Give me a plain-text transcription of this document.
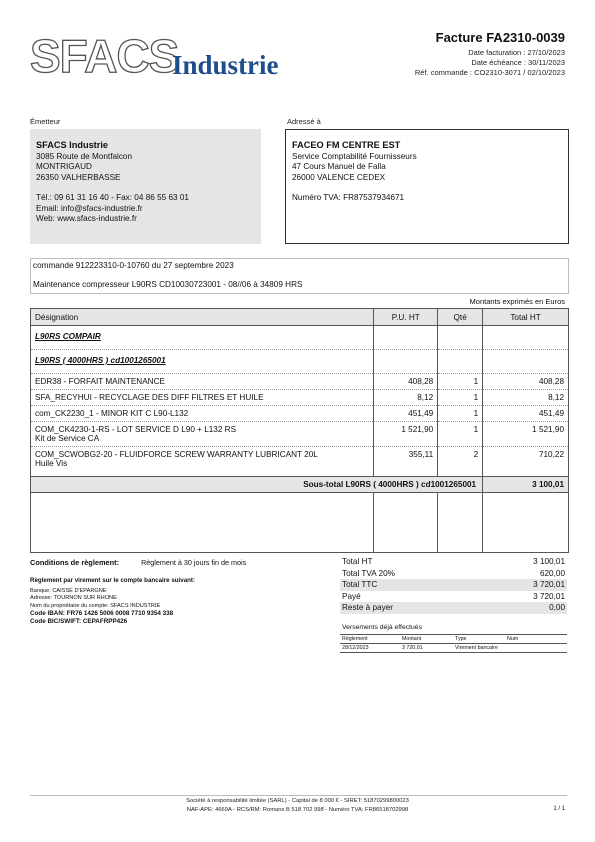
SFACS
Industrie
Facture FA2310-0039
Date facturation : 27/10/2023
Date échéance : 30/11/2023
Réf. commande : CO2310-3071 / 02/10/2023
Émetteur	Adressé à
SFACS Industrie
3085 Route de Montfalcon
MONTRIGAUD
26350 VALHERBASSE
Tél.: 09 61 31 16 40 - Fax: 04 86 55 63 01
Email: info@sfacs-industrie.fr
Web: www.sfacs-industrie.fr
FACEO FM CENTRE EST
Service Comptabilité Fournisseurs
47 Cours Manuel de Falla
26000 VALENCE CEDEX
Numéro TVA: FR87537934671
commande 912223310-0-10760 du 27 septembre 2023
Maintenance compresseur L90RS CD10030723001 - 08//06 à 34809 HRS
Montants exprimés en Euros
Désignation	P.U. HT	Qté	Total HT
L90RS COMPAIR			
L90RS ( 4000HRS ) cd1001265001			
EDR38 - FORFAIT MAINTENANCE	408,28	1	408,28
SFA_RECYHUI - RECYCLAGE DES DIFF FILTRES ET HUILE	8,12	1	8,12
com_CK2230_1 - MINOR KIT C L90-L132	451,49	1	451,49

COM_CK4230-1-RS - LOT SERVICE D L90 + L132 RS
Kit de Service CA	1 521,90	1	1 521,90

COM_SCWOBG2-20 - FLUIDFORCE SCREW WARRANTY LUBRICANT 20L
Huile Vis	355,11	2	710,22
Sous-total L90RS ( 4000HRS ) cd1001265001			3 100,01

Conditions de règlement:	Règlement à 30 jours fin de mois
Règlement par virement sur le compte bancaire suivant:
Banque: CAISSE D'EPARGNE
Adresse: TOURNON SUR RHONE
Nom du propriétaire du compte: SFACS INDUSTRIE
Code IBAN: FR76 1426 5006 0008 7710 9354 338
Code BIC/SWIFT: CEPAFRPP426
Total HT	3 100,01
Total TVA 20%	620,00
Total TTC	3 720,01
Payé	3 720,01
Reste à payer	0,00
Versements déjà effectués
Règlement	Montant	Type	Num
28/12/2023	3 720,01	Virement bancaire	
Société à responsabilité limitée (SARL) - Capital de 8 000 € - SIRET: 51870299800023
NAF-APE: 4669A - RCS/RM: Romans B 518 702 998 - Numéro TVA: FR86518702998	1 / 1
